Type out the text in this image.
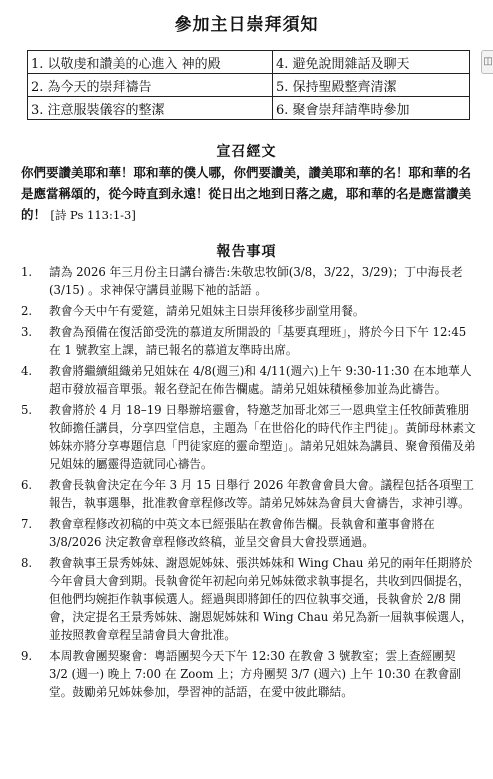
參加主日崇拜須知
1. 以敬虔和讚美的心進入 神的殿	4. 避免說閒雜話及聊天
2. 為今天的崇拜禱告	5. 保持聖殿整齊清潔
3. 注意服裝儀容的整潔	6. 聚會崇拜請準時參加
◫
宣召經文

你們要讚美耶和華！耶和華的僕人哪，你們要讚美，讚美耶和華的名！耶和華的名是應當稱頌的，從今時直到永遠！從日出之地到日落之處，耶和華的名是應當讚美的！ [詩 Ps 113:1-3]

報告事項
1.	請為 2026 年三月份主日講台禱告:朱敬忠牧師(3/8，3/22，3/29)；丁中海長老 (3/15) 。求神保守講員並賜下祂的話語 。
2.	教會今天中午有愛筵，請弟兄姐妹主日崇拜後移步副堂用餐。
3.	教會為預備在復活節受洗的慕道友所開設的「基要真理班」，將於今日下午 12:45 在 1 號教室上課，請已報名的慕道友準時出席。
4.	教會將繼續組織弟兄姐妹在 4/8(週三)和 4/11(週六)上午 9:30-11:30 在本地華人超市發放福音單張。報名登記在佈告欄處。請弟兄姐妹積極參加並為此禱告。
5.	教會將於 4 月 18–19 日舉辦培靈會，特邀芝加哥北郊三一恩典堂主任牧師黃雅朋牧師擔任講員，分享四堂信息，主題為「在世俗化的時代作主門徒」。黃師母林素文姊妹亦將分享專題信息「門徒家庭的靈命塑造」。請弟兄姐妹為講員、聚會預備及弟兄姐妹的屬靈得造就同心禱告。
6.	教會長執會決定在今年 3 月 15 日舉行 2026 年教會會員大會。議程包括各項聖工報告，執事選舉，批准教會章程修改等。請弟兄姊妹為會員大會禱告，求神引導。
7.	教會章程修改初稿的中英文本已經張貼在教會佈告欄。長執會和董事會將在 3/8/2026 決定教會章程修改終稿，並呈交會員大會投票通過。
8.	教會執事王景秀姊妹、謝恩妮姊妹、張洪姊妹和 Wing Chau 弟兄的兩年任期將於今年會員大會到期。長執會從年初起向弟兄姊妹徵求執事提名，共收到四個提名，但他們均婉拒作執事候選人。經過與即將卸任的四位執事交通，長執會於 2/8 開會，決定提名王景秀姊妹、謝恩妮姊妹和 Wing Chau 弟兄為新一屆執事候選人，並按照教會章程呈請會員大會批准。
9.	本周教會團契聚會：粵語團契今天下午 12:30 在教會 3 號教室；雲上查經團契 3/2 (週一) 晚上 7:00 在 Zoom 上；方舟團契 3/7 (週六) 上午 10:30 在教會副堂。鼓勵弟兄姊妹參加，學習神的話語，在愛中彼此聯結。
